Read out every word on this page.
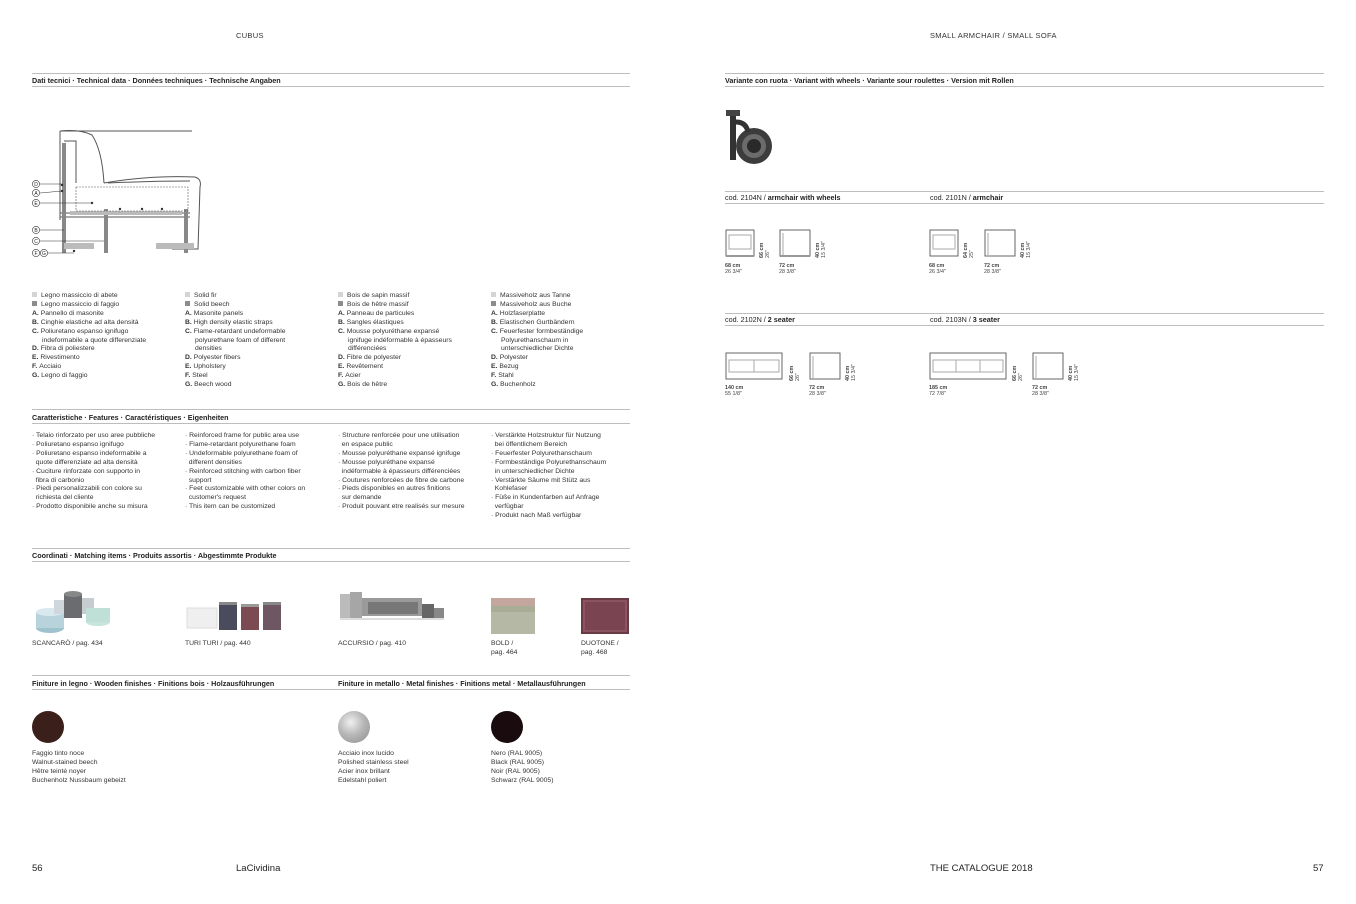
CUBUS	SMALL ARMCHAIR / SMALL SOFA
Dati tecnici · Technical data · Données techniques · Technische Angaben
D
A
E
B
C
F G
Legno massiccio di abete
Legno massiccio di faggio
A. Pannello di masonite
B. Cinghie elastiche ad alta densità
C. Poliuretano espanso ignifugo
indeformabile a quote differenziate
D. Fibra di poliestere
E. Rivestimento
F. Acciaio
G. Legno di faggio
Solid fir
Solid beech
A. Masonite panels
B. High density elastic straps
C. Flame-retardant undeformable
polyurethane foam of different
densities
D. Polyester fibers
E. Upholstery
F. Steel
G. Beech wood
Bois de sapin massif
Bois de hêtre massif
A. Panneau de particules
B. Sangles élastiques
C. Mousse polyuréthane expansé
ignifuge indéformable à épasseurs
différenciées
D. Fibre de polyester
E. Revêtement
F. Acier
G. Bois de hêtre
Massiveholz aus Tanne
Massiveholz aus Buche
A. Holzfaserplatte
B. Elastischen Gurtbändern
C. Feuerfester formbeständige
Polyurethanschaum in
unterschiedlicher Dichte
D. Polyester
E. Bezug
F. Stahl
G. Buchenholz
Caratteristiche · Features · Caractéristiques · Eigenheiten
· Telaio rinforzato per uso aree pubbliche
· Poliuretano espanso ignifugo
· Poliuretano espanso indeformabile a
quote differenziate ad alta densità
· Cuciture rinforzate con supporto in
fibra di carbonio
· Piedi personalizzabili con colore su
richiesta del cliente
· Prodotto disponibile anche su misura
· Reinforced frame for public area use
· Flame-retardant polyurethane foam
· Undeformable polyurethane foam of
different densities
· Reinforced stitching with carbon fiber
support
· Feet customizable with other colors on
customer's request
· This item can be customized
· Structure renforcée pour une utilisation
en espace public
· Mousse polyuréthane expansé ignifuge
· Mousse polyuréthane expansé
indéformable à épasseurs différenciées
· Coutures renforcées de fibre de carbone
· Pieds disponibles en autres finitions
sur demande
· Produit pouvant etre realisés sur mesure
· Verstärkte Holzstruktur für Nutzung
bei öffentlichem Bereich
· Feuerfester Polyurethanschaum
· Formbeständige Polyurethanschaum
in unterschiedlicher Dichte
· Verstärkte Säume mit Stütz aus
Kohlefaser
· Füße in Kundenfarben auf Anfrage
verfügbar
· Produkt nach Maß verfügbar
Coordinati · Matching items · Produits assortis · Abgestimmte Produkte
SCANCARÒ / pag. 434	TURI TURI / pag. 440	ACCURSIO / pag. 410	BOLD /
pag. 464
DUOTONE /
pag. 468
Finiture in legno · Wooden finishes · Finitions bois · Holzausführungen	Finiture in metallo · Metal finishes · Finitions metal · Metallausführungen
Faggio tinto noce
Walnut-stained beech
Hêtre teinté noyer
Buchenholz Nussbaum gebeizt
Acciaio inox lucido
Polished stainless steel
Acier inox brillant
Edelstahl poliert
Nero (RAL 9005)
Black (RAL 9005)
Noir (RAL 9005)
Schwarz (RAL 9005)
Variante con ruota · Variant with wheels · Variante sour roulettes · Version mit Rollen
cod. 2104N / armchair with wheels	cod. 2101N / armchair
66 cm 26"	40 cm 15 3/4"
68 cm
26 3/4"
72 cm
28 3/8"
64 cm 25"	40 cm 15 3/4"
68 cm
26 3/4"
72 cm
28 3/8"
cod. 2102N / 2 seater	cod. 2103N / 3 seater
66 cm 26"	40 cm 15 3/4"
140 cm
55 1/8"
72 cm
28 3/8"
66 cm 26"	40 cm 15 3/4"
185 cm
72 7/8"
72 cm
28 3/8"
56	LaCividina	THE CATALOGUE 2018	57
